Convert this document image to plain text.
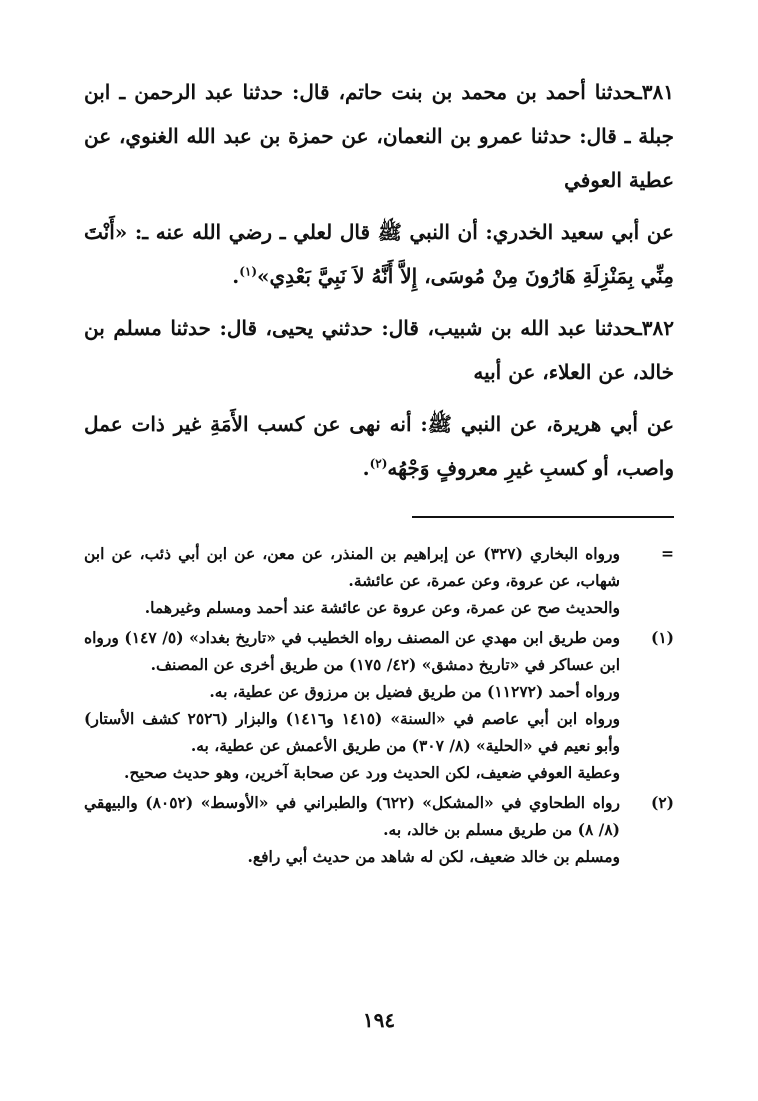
٣٨١ـحدثنا أحمد بن محمد بن بنت حاتم، قال: حدثنا عبد الرحمن ـ ابن جبلة ـ قال: حدثنا عمرو بن النعمان، عن حمزة بن عبد الله الغنوي، عن عطية العوفي

عن أبي سعيد الخدري: أن النبي ﷺ قال لعلي ـ رضي الله عنه ـ: «أَنْتَ مِنِّي بِمَنْزِلَةِ هَارُونَ مِنْ مُوسَى، إِلاَّ أَنَّهُ لاَ نَبِيَّ بَعْدِي»$^{(١)}$.

٣٨٢ـحدثنا عبد الله بن شبيب، قال: حدثني يحيى، قال: حدثنا مسلم بن خالد، عن العلاء، عن أبيه

عن أبي هريرة، عن النبي ﷺ: أنه نهى عن كسب الأَمَةِ غير ذات عمل واصب، أو كسبِ غيرِ معروفٍ وَجْهُه$^{(٢)}$.

=
ورواه البخاري (٣٢٧) عن إبراهيم بن المنذر، عن معن، عن ابن أبي ذئب، عن ابن شهاب، عن عروة، وعن عمرة، عن عائشة.
والحديث صح عن عمرة، وعن عروة عن عائشة عند أحمد ومسلم وغيرهما.
(١)
ومن طريق ابن مهدي عن المصنف رواه الخطيب في «تاريخ بغداد» (٥/ ١٤٧) ورواه ابن عساكر في «تاريخ دمشق» (٤٢/ ١٧٥) من طريق أخرى عن المصنف.
ورواه أحمد (١١٢٧٢) من طريق فضيل بن مرزوق عن عطية، به.
ورواه ابن أبي عاصم في «السنة» (١٤١٥ و١٤١٦) والبزار (٢٥٢٦ كشف الأستار) وأبو نعيم في «الحلية» (٨/ ٣٠٧) من طريق الأعمش عن عطية، به.
وعطية العوفي ضعيف، لكن الحديث ورد عن صحابة آخرين، وهو حديث صحيح.
(٢)
رواه الطحاوي في «المشكل» (٦٢٢) والطبراني في «الأوسط» (٨٠٥٢) والبيهقي (٨/ ٨) من طريق مسلم بن خالد، به.
ومسلم بن خالد ضعيف، لكن له شاهد من حديث أبي رافع.
١٩٤
